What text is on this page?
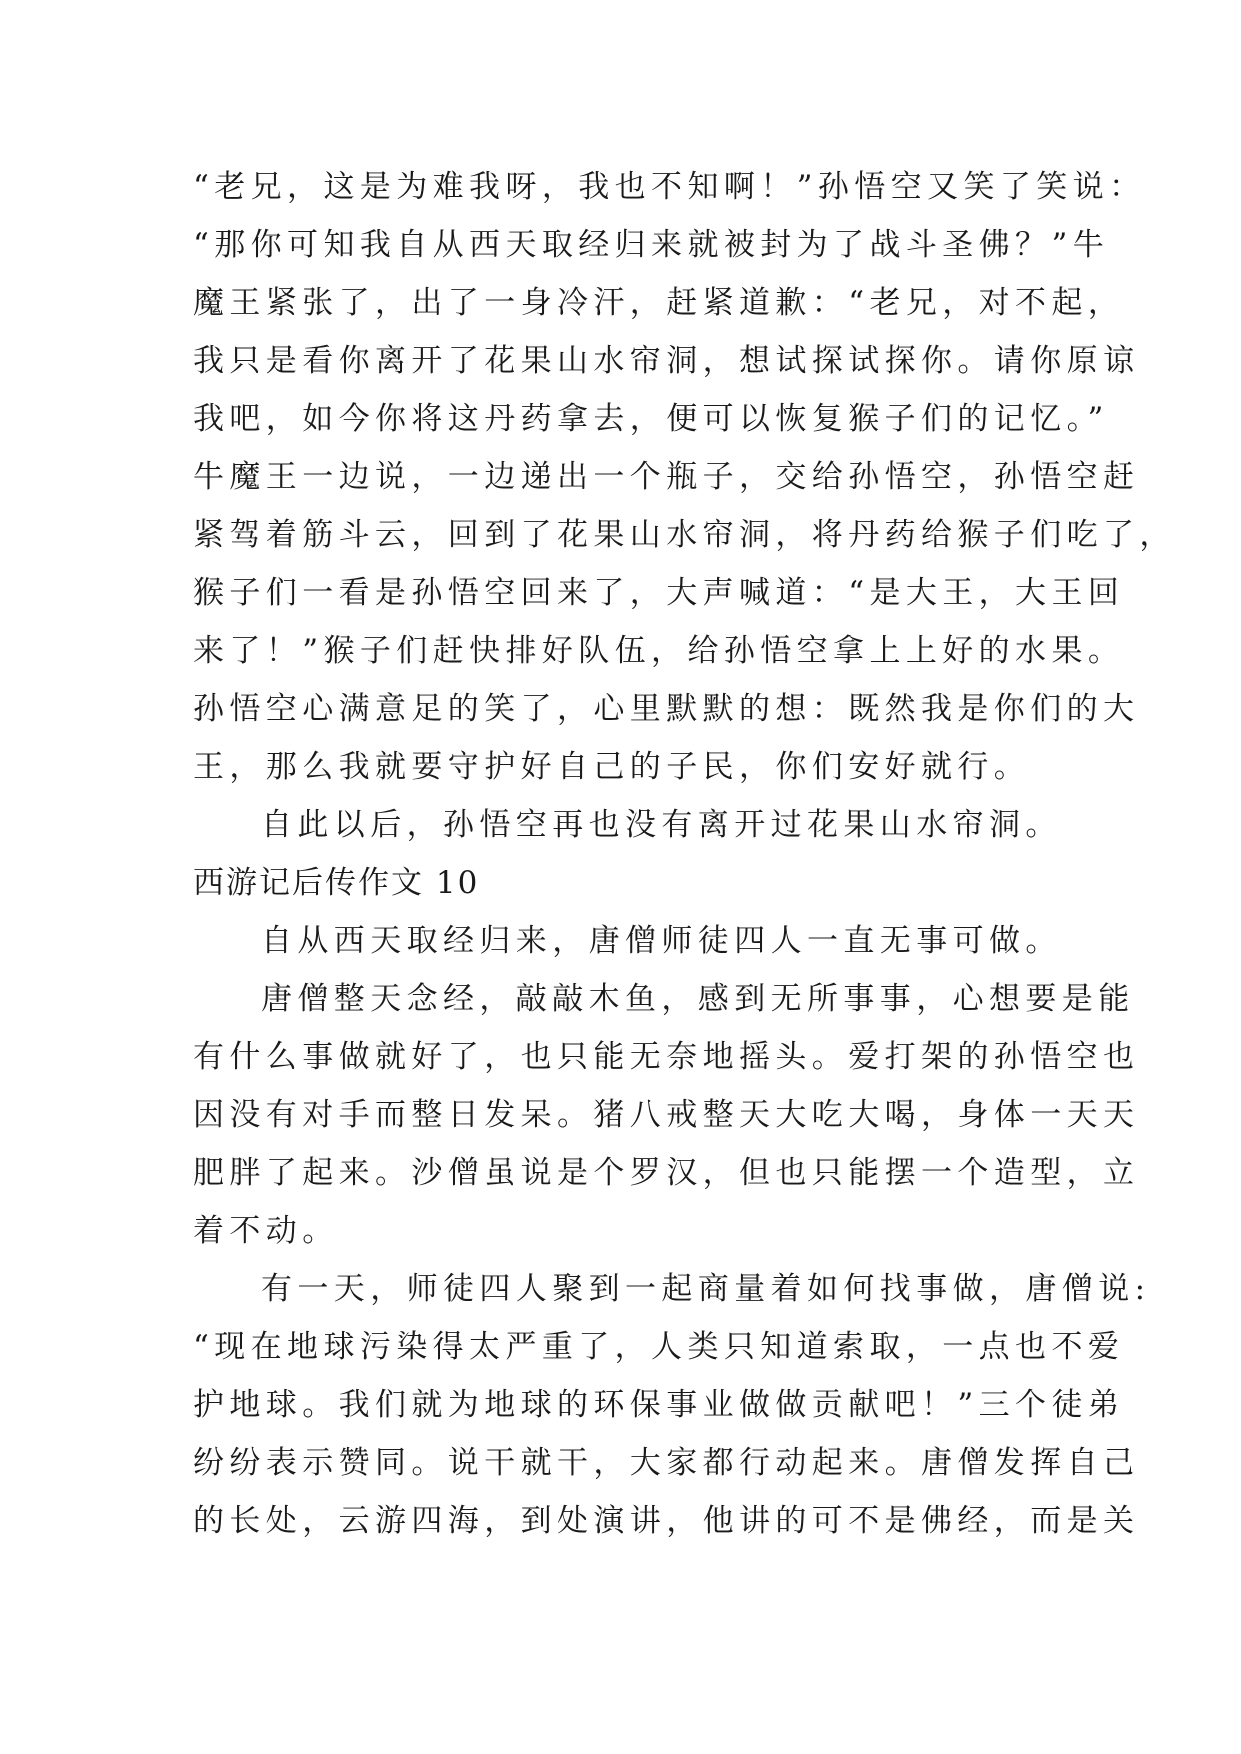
“老兄，这是为难我呀，我也不知啊！”孙悟空又笑了笑说：
“那你可知我自从西天取经归来就被封为了战斗圣佛？”牛
魔王紧张了，出了一身冷汗，赶紧道歉：“老兄，对不起，
我只是看你离开了花果山水帘洞，想试探试探你。请你原谅
我吧，如今你将这丹药拿去，便可以恢复猴子们的记忆。”
牛魔王一边说，一边递出一个瓶子，交给孙悟空，孙悟空赶
紧驾着筋斗云，回到了花果山水帘洞，将丹药给猴子们吃了，
猴子们一看是孙悟空回来了，大声喊道：“是大王，大王回
来了！”猴子们赶快排好队伍，给孙悟空拿上上好的水果。
孙悟空心满意足的笑了，心里默默的想：既然我是你们的大
王，那么我就要守护好自己的子民，你们安好就行。
自此以后，孙悟空再也没有离开过花果山水帘洞。
西游记后传作文 10
自从西天取经归来，唐僧师徒四人一直无事可做。
唐僧整天念经，敲敲木鱼，感到无所事事，心想要是能
有什么事做就好了，也只能无奈地摇头。爱打架的孙悟空也
因没有对手而整日发呆。猪八戒整天大吃大喝，身体一天天
肥胖了起来。沙僧虽说是个罗汉，但也只能摆一个造型，立
着不动。
有一天，师徒四人聚到一起商量着如何找事做，唐僧说:
“现在地球污染得太严重了，人类只知道索取，一点也不爱
护地球。我们就为地球的环保事业做做贡献吧！”三个徒弟
纷纷表示赞同。说干就干，大家都行动起来。唐僧发挥自己
的长处，云游四海，到处演讲，他讲的可不是佛经，而是关
